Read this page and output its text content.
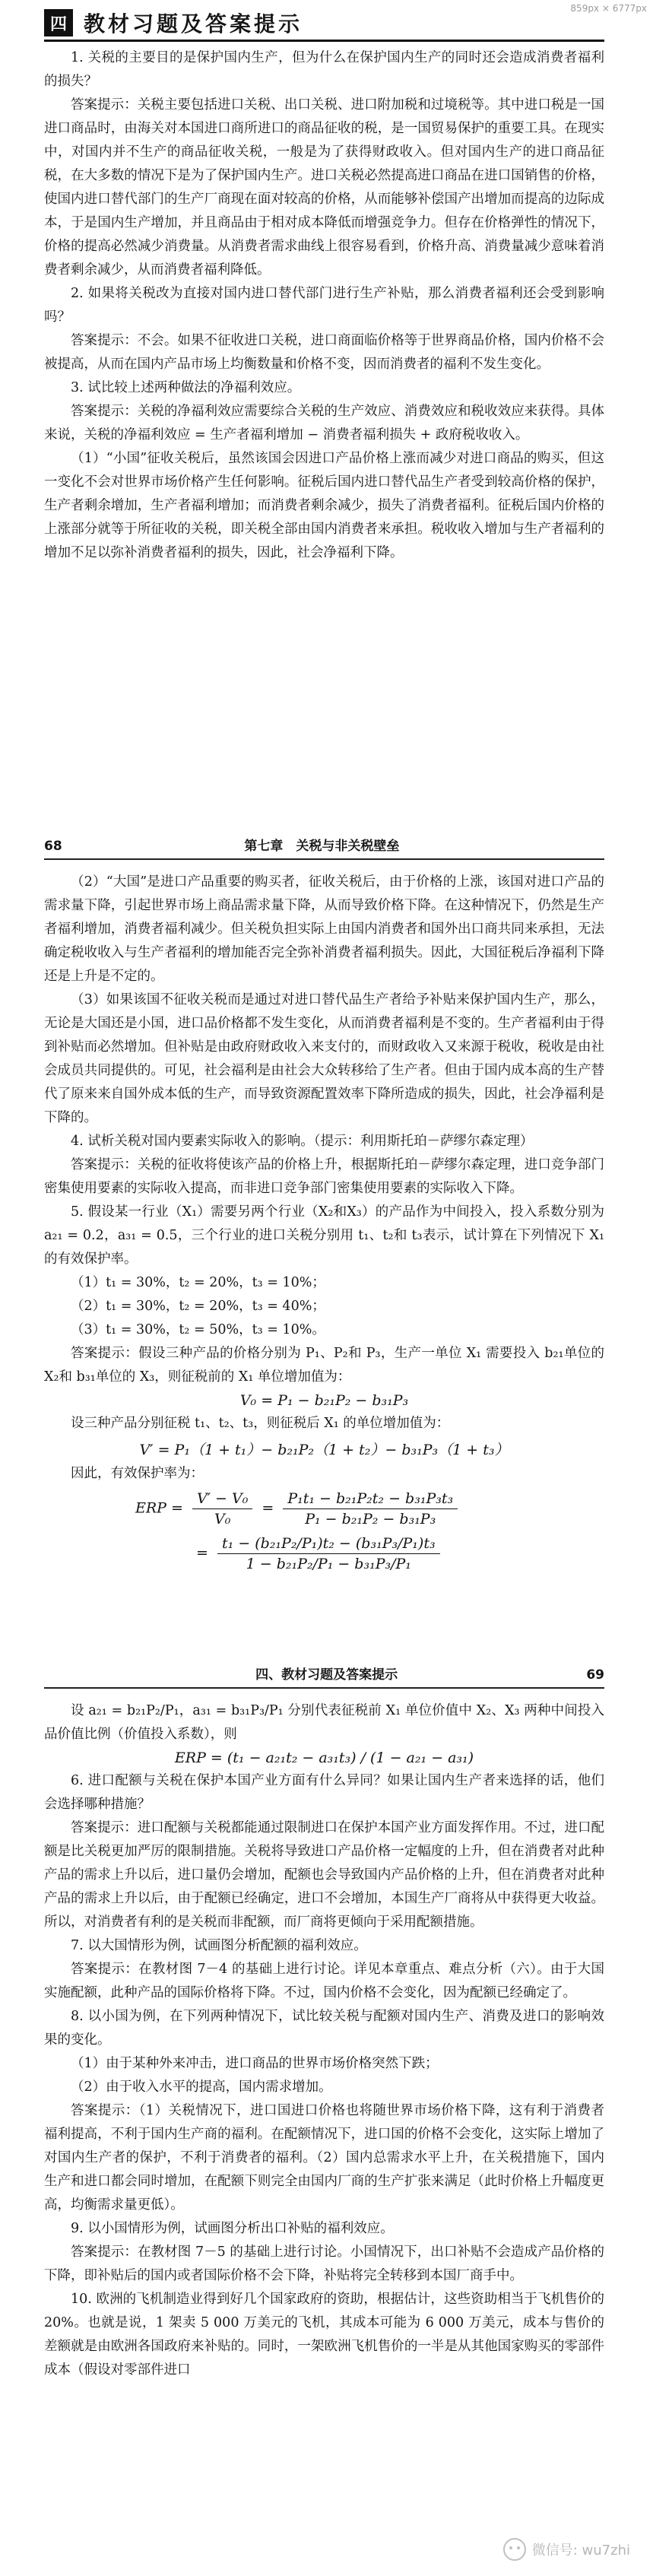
859px × 6777px
四 教材习题及答案提示

1. 关税的主要目的是保护国内生产，但为什么在保护国内生产的同时还会造成消费者福利的损失？

答案提示：关税主要包括进口关税、出口关税、进口附加税和过境税等。其中进口税是一国进口商品时，由海关对本国进口商所进口的商品征收的税，是一国贸易保护的重要工具。在现实中，对国内并不生产的商品征收关税，一般是为了获得财政收入。但对国内生产的进口商品征税，在大多数的情况下是为了保护国内生产。进口关税必然提高进口商品在进口国销售的价格，使国内进口替代部门的生产厂商现在面对较高的价格，从而能够补偿国产出增加而提高的边际成本，于是国内生产增加，并且商品由于相对成本降低而增强竞争力。但存在价格弹性的情况下，价格的提高必然减少消费量。从消费者需求曲线上很容易看到，价格升高、消费量减少意味着消费者剩余减少，从而消费者福利降低。

2. 如果将关税改为直接对国内进口替代部门进行生产补贴，那么消费者福利还会受到影响吗？

答案提示：不会。如果不征收进口关税，进口商面临价格等于世界商品价格，国内价格不会被提高，从而在国内产品市场上均衡数量和价格不变，因而消费者的福利不发生变化。

3. 试比较上述两种做法的净福利效应。

答案提示：关税的净福利效应需要综合关税的生产效应、消费效应和税收效应来获得。具体来说，关税的净福利效应 = 生产者福利增加 − 消费者福利损失 + 政府税收收入。

（1）“小国”征收关税后，虽然该国会因进口产品价格上涨而减少对进口商品的购买，但这一变化不会对世界市场价格产生任何影响。征税后国内进口替代品生产者受到较高价格的保护，生产者剩余增加，生产者福利增加；而消费者剩余减少，损失了消费者福利。征税后国内价格的上涨部分就等于所征收的关税，即关税全部由国内消费者来承担。税收收入增加与生产者福利的增加不足以弥补消费者福利的损失，因此，社会净福利下降。

68	第七章　关税与非关税壁垒

（2）“大国”是进口产品重要的购买者，征收关税后，由于价格的上涨，该国对进口产品的需求量下降，引起世界市场上商品需求量下降，从而导致价格下降。在这种情况下，仍然是生产者福利增加，消费者福利减少。但关税负担实际上由国内消费者和国外出口商共同来承担，无法确定税收收入与生产者福利的增加能否完全弥补消费者福利损失。因此，大国征税后净福利下降还是上升是不定的。

（3）如果该国不征收关税而是通过对进口替代品生产者给予补贴来保护国内生产，那么，无论是大国还是小国，进口品价格都不发生变化，从而消费者福利是不变的。生产者福利由于得到补贴而必然增加。但补贴是由政府财政收入来支付的，而财政收入又来源于税收，税收是由社会成员共同提供的。可见，社会福利是由社会大众转移给了生产者。但由于国内成本高的生产替代了原来来自国外成本低的生产，而导致资源配置效率下降所造成的损失，因此，社会净福利是下降的。

4. 试析关税对国内要素实际收入的影响。（提示：利用斯托珀－萨缪尔森定理）

答案提示：关税的征收将使该产品的价格上升，根据斯托珀－萨缪尔森定理，进口竞争部门密集使用要素的实际收入提高，而非进口竞争部门密集使用要素的实际收入下降。

5. 假设某一行业（X₁）需要另两个行业（X₂和X₃）的产品作为中间投入，投入系数分别为 a₂₁ = 0.2，a₃₁ = 0.5，三个行业的进口关税分别用 t₁、t₂和 t₃表示，试计算在下列情况下 X₁ 的有效保护率。

（1）t₁ = 30%，t₂ = 20%，t₃ = 10%；

（2）t₁ = 30%，t₂ = 20%，t₃ = 40%；

（3）t₁ = 30%，t₂ = 50%，t₃ = 10%。

答案提示：假设三种产品的价格分别为 P₁、P₂和 P₃，生产一单位 X₁ 需要投入 b₂₁单位的 X₂和 b₃₁单位的 X₃，则征税前的 X₁ 单位增加值为：

V₀ = P₁ − b₂₁P₂ − b₃₁P₃

设三种产品分别征税 t₁、t₂、t₃，则征税后 X₁ 的单位增加值为：

V′ = P₁（1 + t₁）− b₂₁P₂（1 + t₂）− b₃₁P₃（1 + t₃）

因此，有效保护率为：

ERP = $\frac{\text{V′ − V₀}}{\text{V₀}} = \frac{\text{P₁t₁ − b₂₁P₂t₂ − b₃₁P₃t₃}}{\text{P₁ − b₂₁P₂ − b₃₁P₃}}$
= $\frac{\text{t₁ − (b₂₁P₂/P₁)t₂ − (b₃₁P₃/P₁)t₃}}{\text{1 − b₂₁P₂/P₁ − b₃₁P₃/P₁}}$
四、教材习题及答案提示	69

设 a₂₁ = b₂₁P₂/P₁，a₃₁ = b₃₁P₃/P₁ 分别代表征税前 X₁ 单位价值中 X₂、X₃ 两种中间投入品价值比例（价值投入系数），则

ERP = (t₁ − a₂₁t₂ − a₃₁t₃) / (1 − a₂₁ − a₃₁)

6. 进口配额与关税在保护本国产业方面有什么异同？如果让国内生产者来选择的话，他们会选择哪种措施？

答案提示：进口配额与关税都能通过限制进口在保护本国产业方面发挥作用。不过，进口配额是比关税更加严厉的限制措施。关税将导致进口产品价格一定幅度的上升，但在消费者对此种产品的需求上升以后，进口量仍会增加，配额也会导致国内产品价格的上升，但在消费者对此种产品的需求上升以后，由于配额已经确定，进口不会增加，本国生产厂商将从中获得更大收益。所以，对消费者有利的是关税而非配额，而厂商将更倾向于采用配额措施。

7. 以大国情形为例，试画图分析配额的福利效应。

答案提示：在教材图 7－4 的基础上进行讨论。详见本章重点、难点分析（六）。由于大国实施配额，此种产品的国际价格将下降。不过，国内价格不会变化，因为配额已经确定了。

8. 以小国为例，在下列两种情况下，试比较关税与配额对国内生产、消费及进口的影响效果的变化。

（1）由于某种外来冲击，进口商品的世界市场价格突然下跌；

（2）由于收入水平的提高，国内需求增加。

答案提示：（1）关税情况下，进口国进口价格也将随世界市场价格下降，这有利于消费者福利提高，不利于国内生产商的福利。在配额情况下，进口国的价格不会变化，这实际上增加了对国内生产者的保护，不利于消费者的福利。（2）国内总需求水平上升，在关税措施下，国内生产和进口都会同时增加，在配额下则完全由国内厂商的生产扩张来满足（此时价格上升幅度更高，均衡需求量更低）。

9. 以小国情形为例，试画图分析出口补贴的福利效应。

答案提示：在教材图 7－5 的基础上进行讨论。小国情况下，出口补贴不会造成产品价格的下降，即补贴后的国内或者国际价格不会下降，补贴将完全转移到本国厂商手中。

10. 欧洲的飞机制造业得到好几个国家政府的资助，根据估计，这些资助相当于飞机售价的 20%。也就是说，1 架卖 5 000 万美元的飞机，其成本可能为 6 000 万美元，成本与售价的差额就是由欧洲各国政府来补贴的。同时，一架欧洲飞机售价的一半是从其他国家购买的零部件成本（假设对零部件进口

微信号: wu7zhi
